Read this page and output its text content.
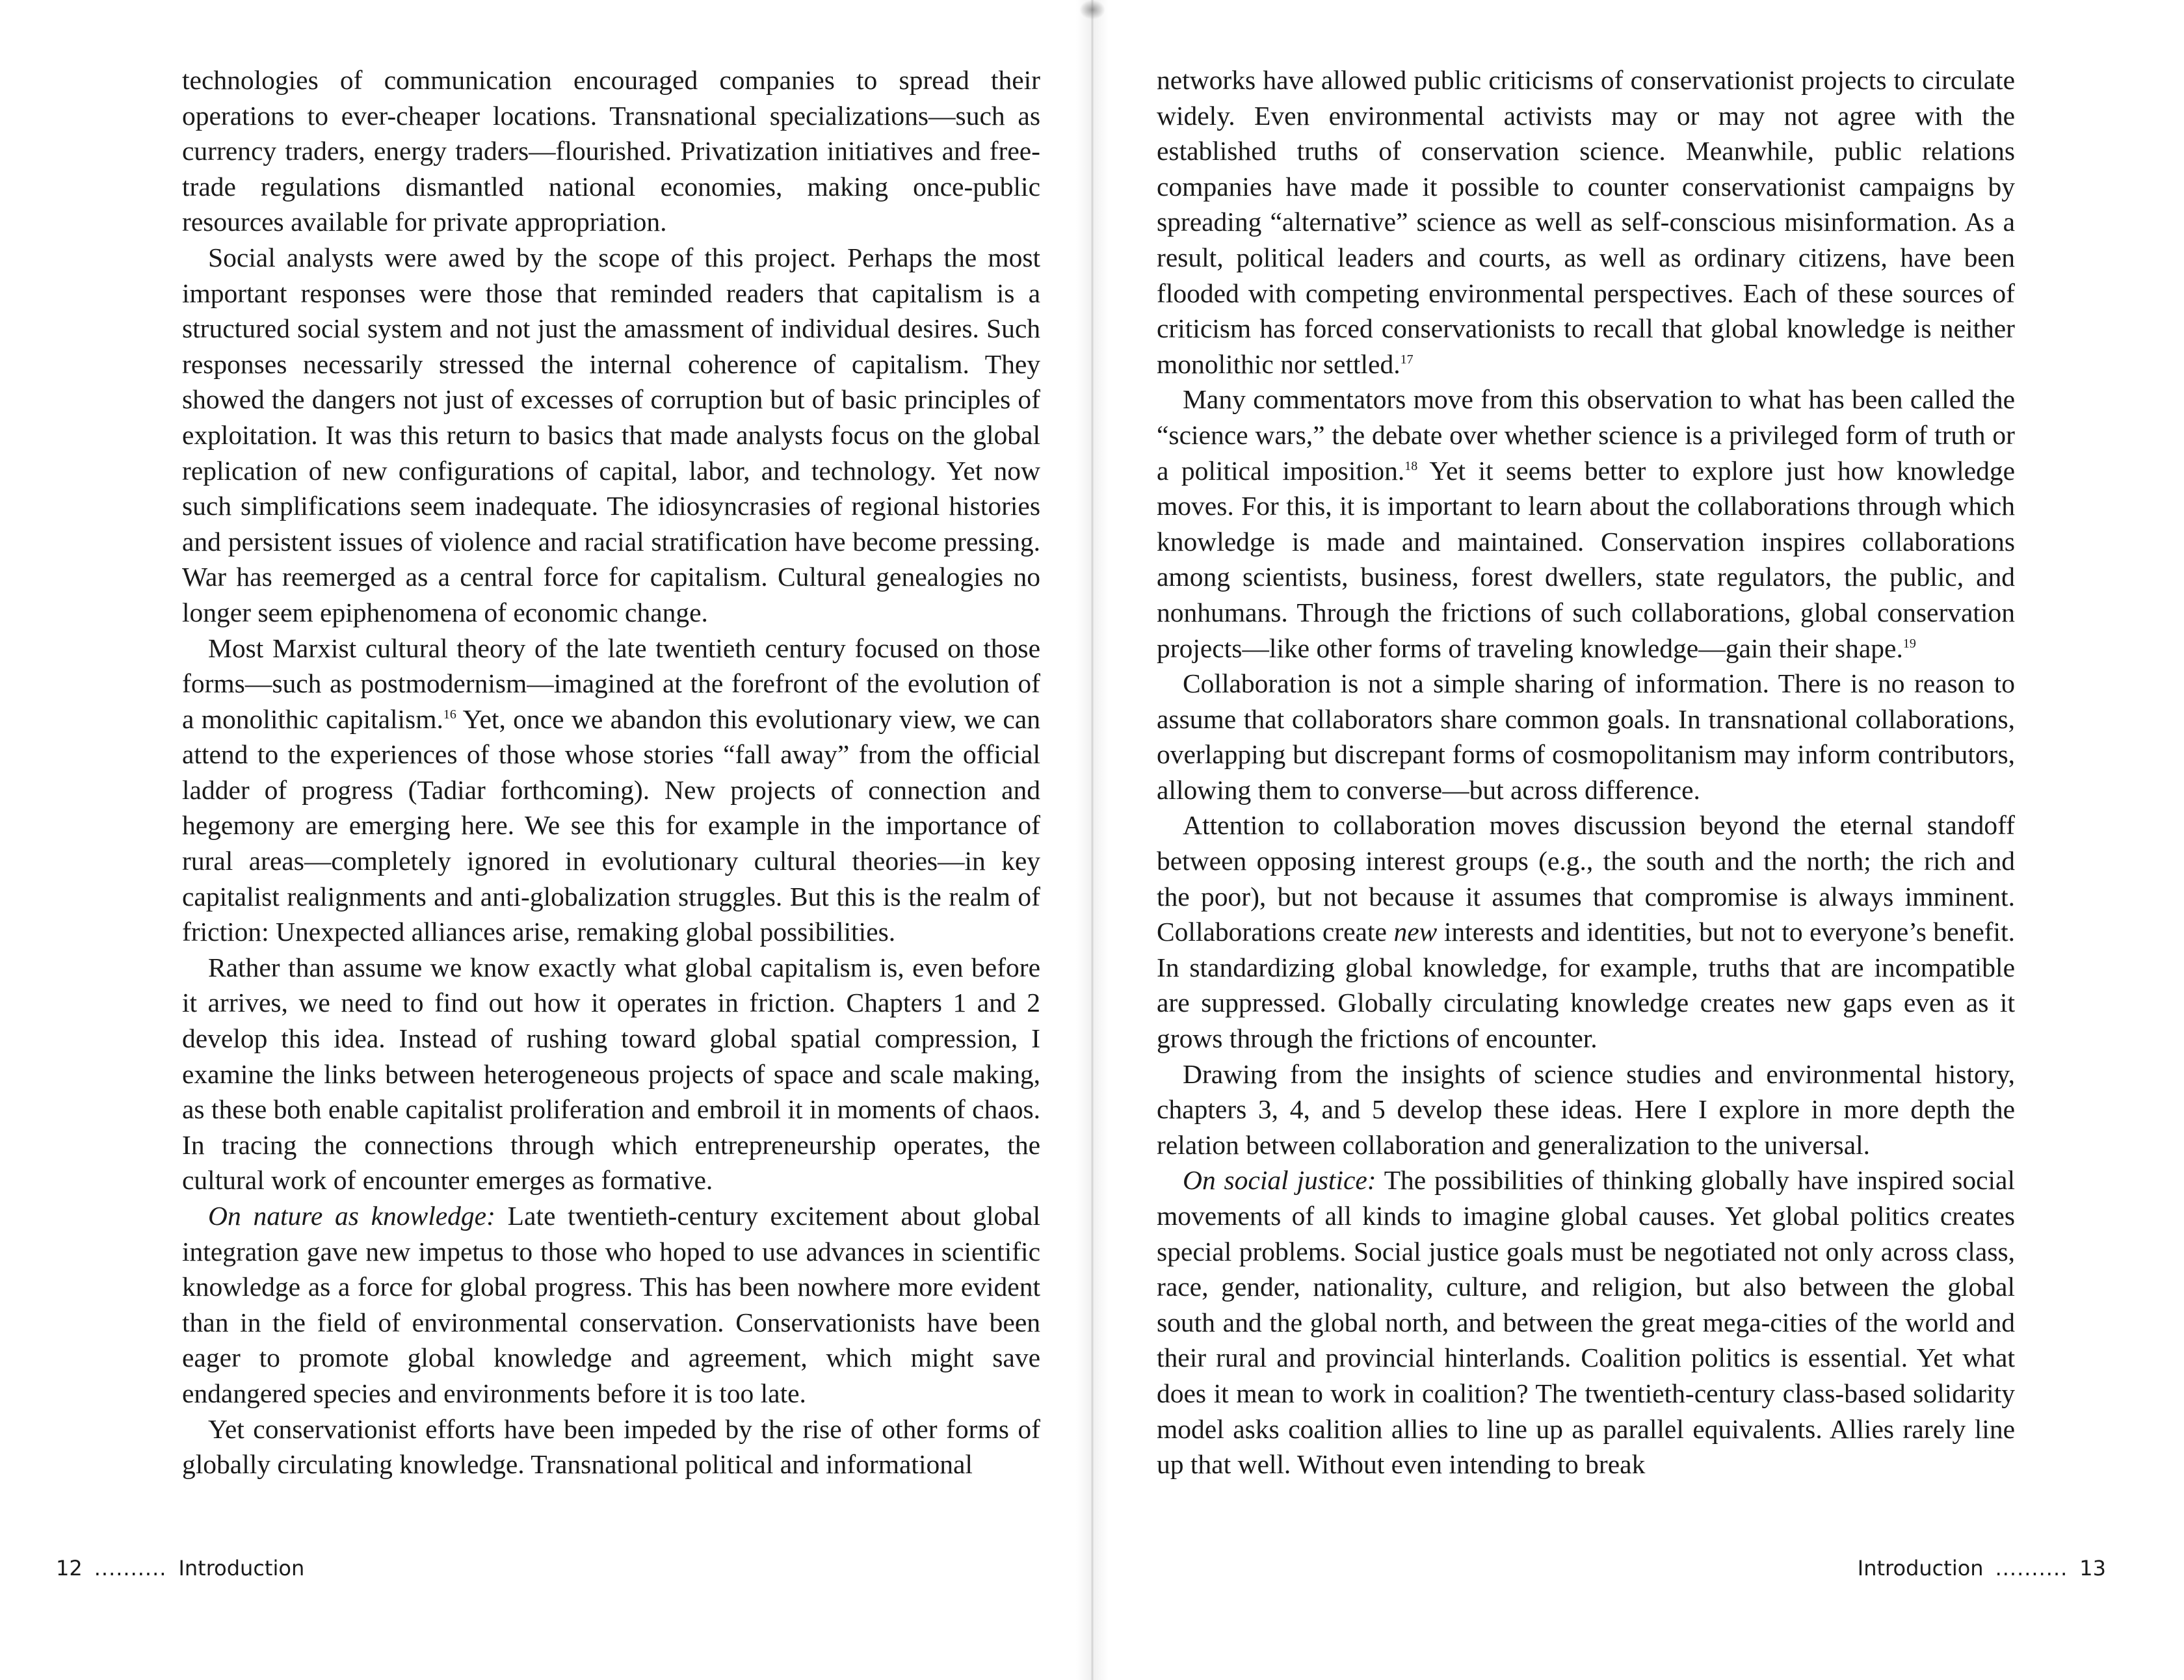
technologies of communication encouraged companies to spread their operations to ever-cheaper locations. Transnational specializations—such as currency traders, energy traders—flourished. Privatization initiatives and free-trade regulations dismantled national economies, making once-public resources available for private appropriation.

Social analysts were awed by the scope of this project. Perhaps the most important responses were those that reminded readers that capitalism is a structured social system and not just the amassment of individual desires. Such responses necessarily stressed the internal coherence of capitalism. They showed the dangers not just of excesses of corruption but of basic principles of exploitation. It was this return to basics that made analysts focus on the global replication of new configurations of capital, labor, and technology. Yet now such simplifications seem inadequate. The idiosyncrasies of regional histories and persistent issues of violence and racial stratification have become pressing. War has reemerged as a central force for capitalism. Cultural genealogies no longer seem epiphenomena of economic change.

Most Marxist cultural theory of the late twentieth century focused on those forms—such as postmodernism—imagined at the forefront of the evolution of a monolithic capitalism.$^{16}$ Yet, once we abandon this evolutionary view, we can attend to the experiences of those whose stories “fall away” from the official ladder of progress (Tadiar forthcoming). New projects of connection and hegemony are emerging here. We see this for example in the importance of rural areas—completely ignored in evolutionary cultural theories—in key capitalist realignments and anti-globalization struggles. But this is the realm of friction: Unexpected alliances arise, remaking global possibilities.

Rather than assume we know exactly what global capitalism is, even before it arrives, we need to find out how it operates in friction. Chapters 1 and 2 develop this idea. Instead of rushing toward global spatial compression, I examine the links between heterogeneous projects of space and scale making, as these both enable capitalist proliferation and embroil it in moments of chaos. In tracing the connections through which entrepreneurship operates, the cultural work of encounter emerges as formative.

On nature as knowledge: Late twentieth-century excitement about global integration gave new impetus to those who hoped to use advances in scientific knowledge as a force for global progress. This has been nowhere more evident than in the field of environmental conservation. Conservationists have been eager to promote global knowledge and agreement, which might save endangered species and environments before it is too late.

Yet conservationist efforts have been impeded by the rise of other forms of globally circulating knowledge. Transnational political and informational

12 .......... Introduction

networks have allowed public criticisms of conservationist projects to circulate widely. Even environmental activists may or may not agree with the established truths of conservation science. Meanwhile, public relations companies have made it possible to counter conservationist campaigns by spreading “alternative” science as well as self-conscious misinformation. As a result, political leaders and courts, as well as ordinary citizens, have been flooded with competing environmental perspectives. Each of these sources of criticism has forced conservationists to recall that global knowledge is neither monolithic nor settled.$^{17}$

Many commentators move from this observation to what has been called the “science wars,” the debate over whether science is a privileged form of truth or a political imposition.$^{18}$ Yet it seems better to explore just how knowledge moves. For this, it is important to learn about the collaborations through which knowledge is made and maintained. Conservation inspires collaborations among scientists, business, forest dwellers, state regulators, the public, and nonhumans. Through the frictions of such collaborations, global conservation projects—like other forms of traveling knowledge—gain their shape.$^{19}$

Collaboration is not a simple sharing of information. There is no reason to assume that collaborators share common goals. In transnational collaborations, overlapping but discrepant forms of cosmopolitanism may inform contributors, allowing them to converse—but across difference.

Attention to collaboration moves discussion beyond the eternal standoff between opposing interest groups (e.g., the south and the north; the rich and the poor), but not because it assumes that compromise is always imminent. Collaborations create new interests and identities, but not to everyone’s benefit. In standardizing global knowledge, for example, truths that are incompatible are suppressed. Globally circulating knowledge creates new gaps even as it grows through the frictions of encounter.

Drawing from the insights of science studies and environmental history, chapters 3, 4, and 5 develop these ideas. Here I explore in more depth the relation between collaboration and generalization to the universal.

On social justice: The possibilities of thinking globally have inspired social movements of all kinds to imagine global causes. Yet global politics creates special problems. Social justice goals must be negotiated not only across class, race, gender, nationality, culture, and religion, but also between the global south and the global north, and between the great mega-cities of the world and their rural and provincial hinterlands. Coalition politics is essential. Yet what does it mean to work in coalition? The twentieth-century class-based solidarity model asks coalition allies to line up as parallel equivalents. Allies rarely line up that well. Without even intending to break

Introduction .......... 13
